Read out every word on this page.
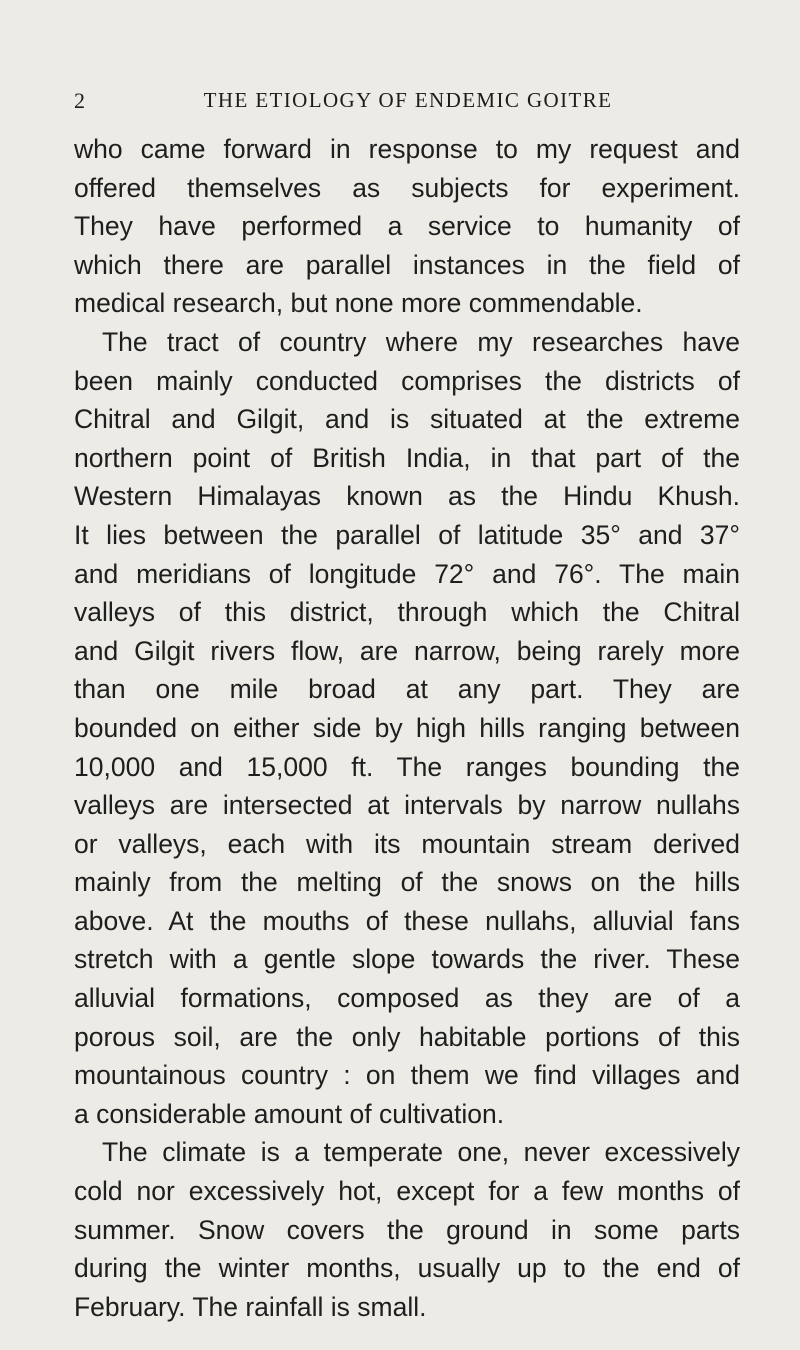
2	THE ETIOLOGY OF ENDEMIC GOITRE
who came forward in response to my request and
offered themselves as subjects for experiment.
They have performed a service to humanity of
which there are parallel instances in the field of
medical research, but none more commendable.
The tract of country where my researches have
been mainly conducted comprises the districts of
Chitral and Gilgit, and is situated at the extreme
northern point of British India, in that part of the
Western Himalayas known as the Hindu Khush.
It lies between the parallel of latitude 35° and 37°
and meridians of longitude 72° and 76°. The main
valleys of this district, through which the Chitral
and Gilgit rivers flow, are narrow, being rarely more
than one mile broad at any part. They are
bounded on either side by high hills ranging between
10,000 and 15,000 ft. The ranges bounding the
valleys are intersected at intervals by narrow nullahs
or valleys, each with its mountain stream derived
mainly from the melting of the snows on the hills
above. At the mouths of these nullahs, alluvial fans
stretch with a gentle slope towards the river. These
alluvial formations, composed as they are of a
porous soil, are the only habitable portions of this
mountainous country : on them we find villages and
a considerable amount of cultivation.
The climate is a temperate one, never excessively
cold nor excessively hot, except for a few months of
summer. Snow covers the ground in some parts
during the winter months, usually up to the end of
February. The rainfall is small.
